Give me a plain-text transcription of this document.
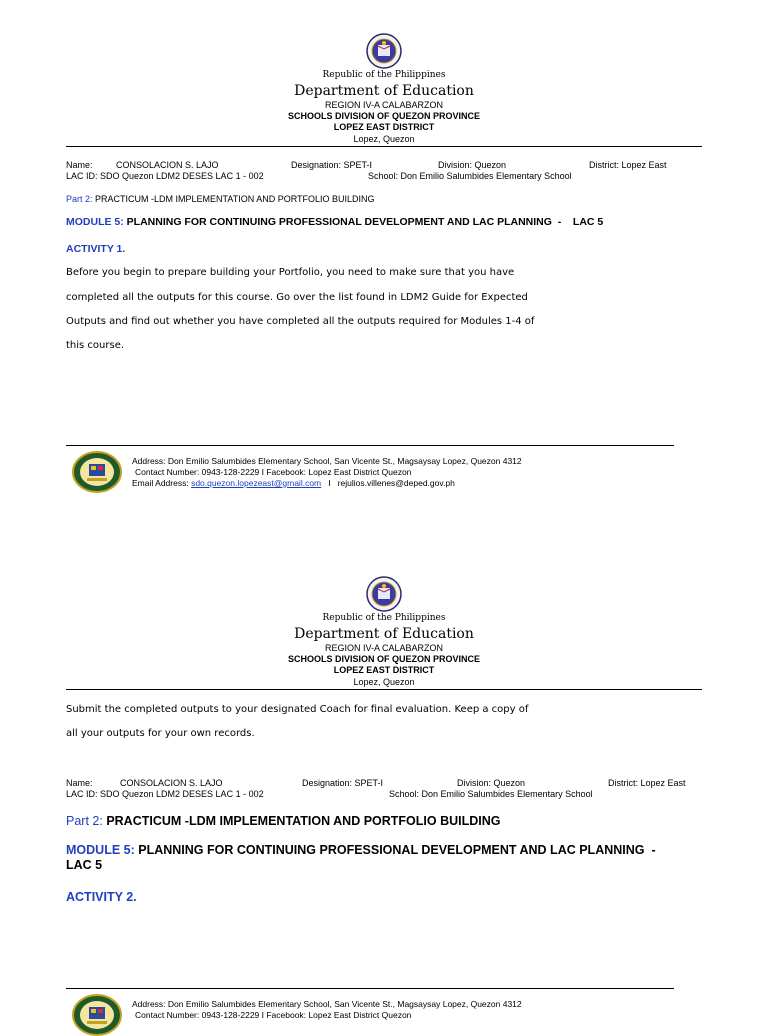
Republic of the Philippines
Department of Education
REGION IV-A CALABARZON
SCHOOLS DIVISION OF QUEZON PROVINCE
LOPEZ EAST DISTRICT
Lopez, Quezon
Name:	CONSOLACION S. LAJO	Designation: SPET-I	Division: Quezon	District: Lopez East
LAC ID: SDO Quezon LDM2 DESES LAC 1 - 002	School: Don Emilio Salumbides Elementary School
Part 2: PRACTICUM -LDM IMPLEMENTATION AND PORTFOLIO BUILDING
MODULE 5: PLANNING FOR CONTINUING PROFESSIONAL DEVELOPMENT AND LAC PLANNING  -    LAC 5
ACTIVITY 1.
Before you begin to prepare building your Portfolio, you need to make sure that you have
completed all the outputs for this course. Go over the list found in LDM2 Guide for Expected
Outputs and find out whether you have completed all the outputs required for Modules 1-4 of
this course.
Address: Don Emilio Salumbides Elementary School, San Vicente St., Magsaysay Lopez, Quezon 4312
Contact Number: 0943-128-2229 I Facebook: Lopez East District Quezon
Email Address: sdo.quezon.lopezeast@gmail.com   I   rejulios.villenes@deped.gov.ph
Republic of the Philippines
Department of Education
REGION IV-A CALABARZON
SCHOOLS DIVISION OF QUEZON PROVINCE
LOPEZ EAST DISTRICT
Lopez, Quezon
Submit the completed outputs to your designated Coach for final evaluation. Keep a copy of
all your outputs for your own records.
Name:	CONSOLACION S. LAJO	Designation: SPET-I	Division: Quezon	District: Lopez East
LAC ID: SDO Quezon LDM2 DESES LAC 1 - 002	School: Don Emilio Salumbides Elementary School
Part 2: PRACTICUM -LDM IMPLEMENTATION AND PORTFOLIO BUILDING
MODULE 5: PLANNING FOR CONTINUING PROFESSIONAL DEVELOPMENT AND LAC PLANNING  -
LAC 5
ACTIVITY 2.
Address: Don Emilio Salumbides Elementary School, San Vicente St., Magsaysay Lopez, Quezon 4312
Contact Number: 0943-128-2229 I Facebook: Lopez East District Quezon
